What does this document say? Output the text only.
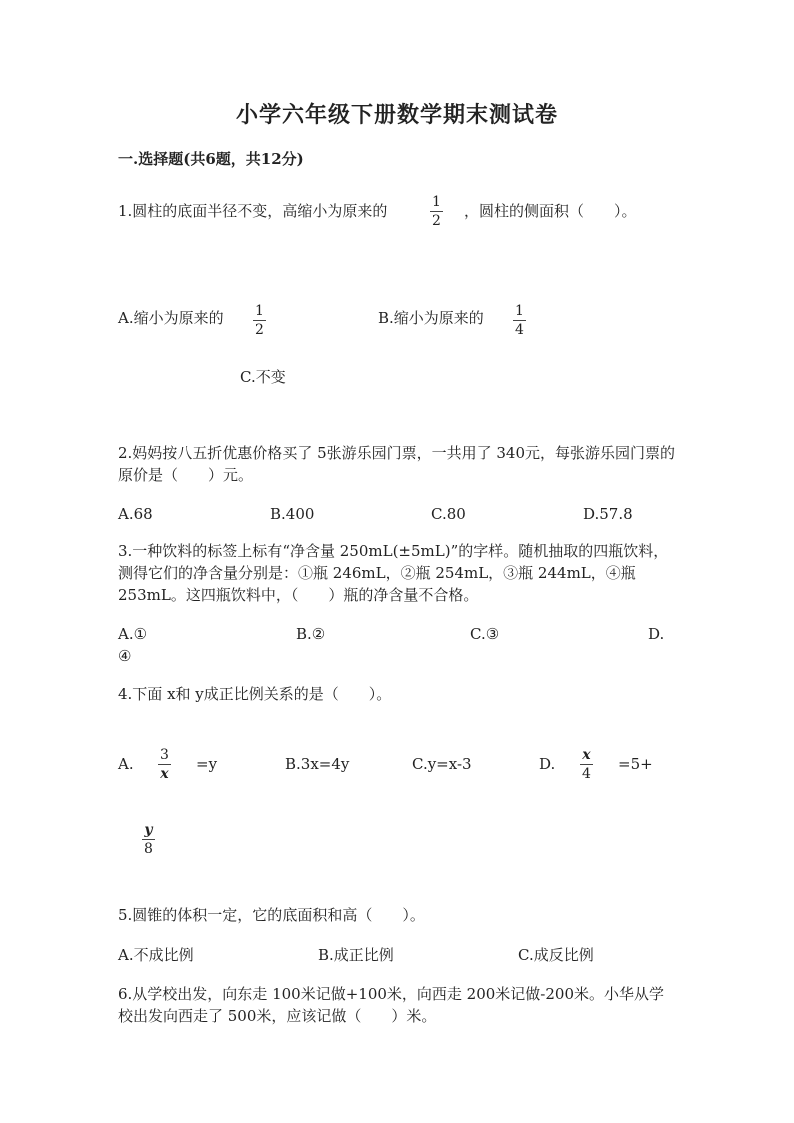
小学六年级下册数学期末测试卷
一.选择题(共6题，共12分)
1.圆柱的底面半径不变，高缩小为原来的	1
2
，圆柱的侧面积（　　）。
A.缩小为原来的 1
2
B.缩小为原来的 1
4
C.不变
2.妈妈按八五折优惠价格买了 5张游乐园门票，一共用了 340元，每张游乐园门票的原价是（　　）元。
A.68	B.400	C.80	D.57.8
3.一种饮料的标签上标有“净含量 250mL(±5mL)”的字样。随机抽取的四瓶饮料，测得它们的净含量分别是：①瓶 246mL，②瓶 254mL，③瓶 244mL，④瓶 253mL。这四瓶饮料中，（　　）瓶的净含量不合格。
A.①	B.②	C.③	D.
④
4.下面 x和 y成正比例关系的是（　　）。
A. 3
x
=y	B.3x=4y	C.y=x-3	D. x
4
=5+
y
8
5.圆锥的体积一定，它的底面积和高（　　）。
A.不成比例	B.成正比例	C.成反比例
6.从学校出发，向东走 100米记做+100米，向西走 200米记做-200米。小华从学校出发向西走了 500米，应该记做（　　）米。
